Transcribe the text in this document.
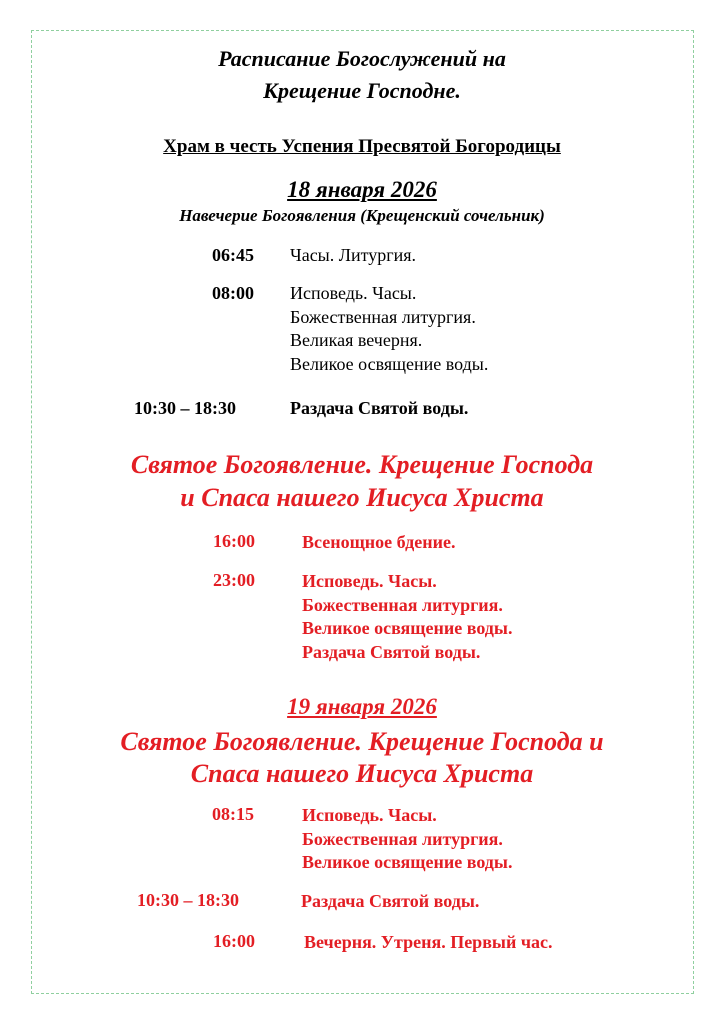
Расписание Богослужений на
Крещение Господне.
Храм в честь Успения Пресвятой Богородицы
18 января 2026
Навечерие Богоявления (Крещенский сочельник)
06:45 Часы. Литургия.
08:00 Исповедь. Часы.
Божественная литургия.
Великая вечерня.
Великое освящение воды.
10:30 – 18:30	Раздача Святой воды.
Святое Богоявление. Крещение Господа
и Спаса нашего Иисуса Христа
16:00	Всенощное бдение.
23:00	Исповедь. Часы.
Божественная литургия.
Великое освящение воды.
Раздача Святой воды.
19 января 2026
Святое Богоявление. Крещение Господа и
Спаса нашего Иисуса Христа
08:15	Исповедь. Часы.
Божественная литургия.
Великое освящение воды.
10:30 – 18:30	Раздача Святой воды.
16:00	Вечерня. Утреня. Первый час.
